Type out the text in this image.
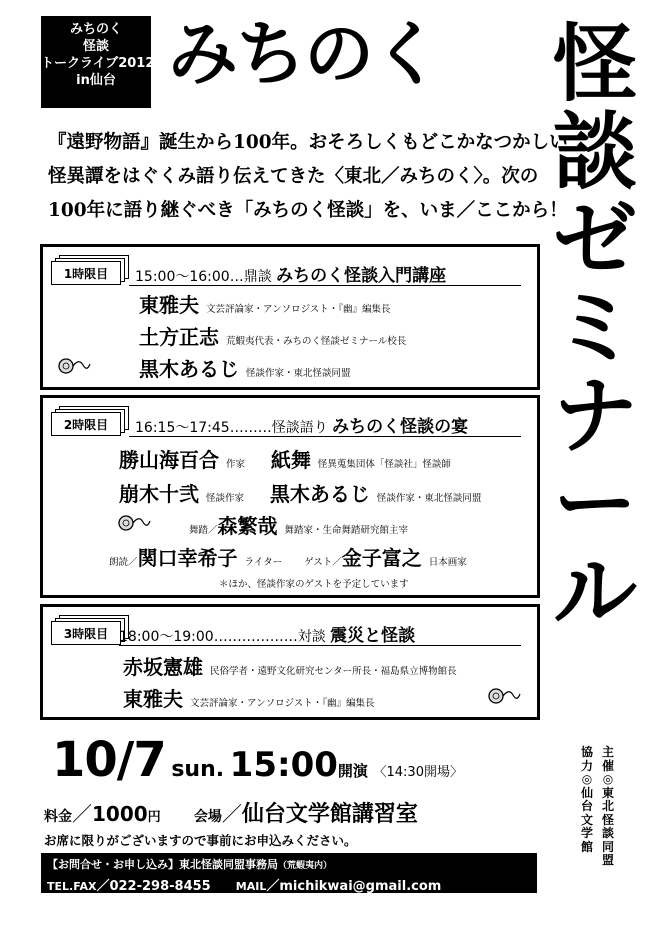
みちのく
怪談
トークライブ2012
in仙台 みちのく 怪
談
ゼ
ミ
ナ
ー
ル
『遠野物語』誕生から100年。おそろしくもどこかなつかしい
怪異譚をはぐくみ語り伝えてきた〈東北／みちのく〉。次の
100年に語り継ぐべき「みちのく怪談」を、いま／ここから！
1時限目	15:00～16:00…鼎談 みちのく怪談入門講座
東雅夫 文芸評論家・アンソロジスト・『幽』編集長
土方正志 荒蝦夷代表・みちのく怪談ゼミナール校長
黒木あるじ 怪談作家・東北怪談同盟
2時限目	16:15～17:45………怪談語り みちのく怪談の宴
勝山海百合 作家 紙舞 怪異蒐集団体「怪談社」怪談師
崩木十弐 怪談作家 黒木あるじ 怪談作家・東北怪談同盟
舞踏／森繁哉 舞踏家・生命舞踏研究館主宰
朗読／関口幸希子 ライター ゲスト／金子富之 日本画家
＊ほか、怪談作家のゲストを予定しています
3時限目 18:00～19:00………………対談 震災と怪談
赤坂憲雄 民俗学者・遠野文化研究センター所長・福島県立博物館長
東雅夫 文芸評論家・アンソロジスト・『幽』編集長
10/7 sun. 15:00開演 〈14:30開場〉
料金／1000円 会場／仙台文学館講習室
お席に限りがございますので事前にお申込みください。
【お問合せ・お申し込み】東北怪談同盟事務局（荒蝦夷内）
TEL.FAX／022-298-8455 MAIL／michikwai@gmail.com
主
催
◎
東
北
怪
談
同
盟
協
力
◎
仙
台
文
学
館
